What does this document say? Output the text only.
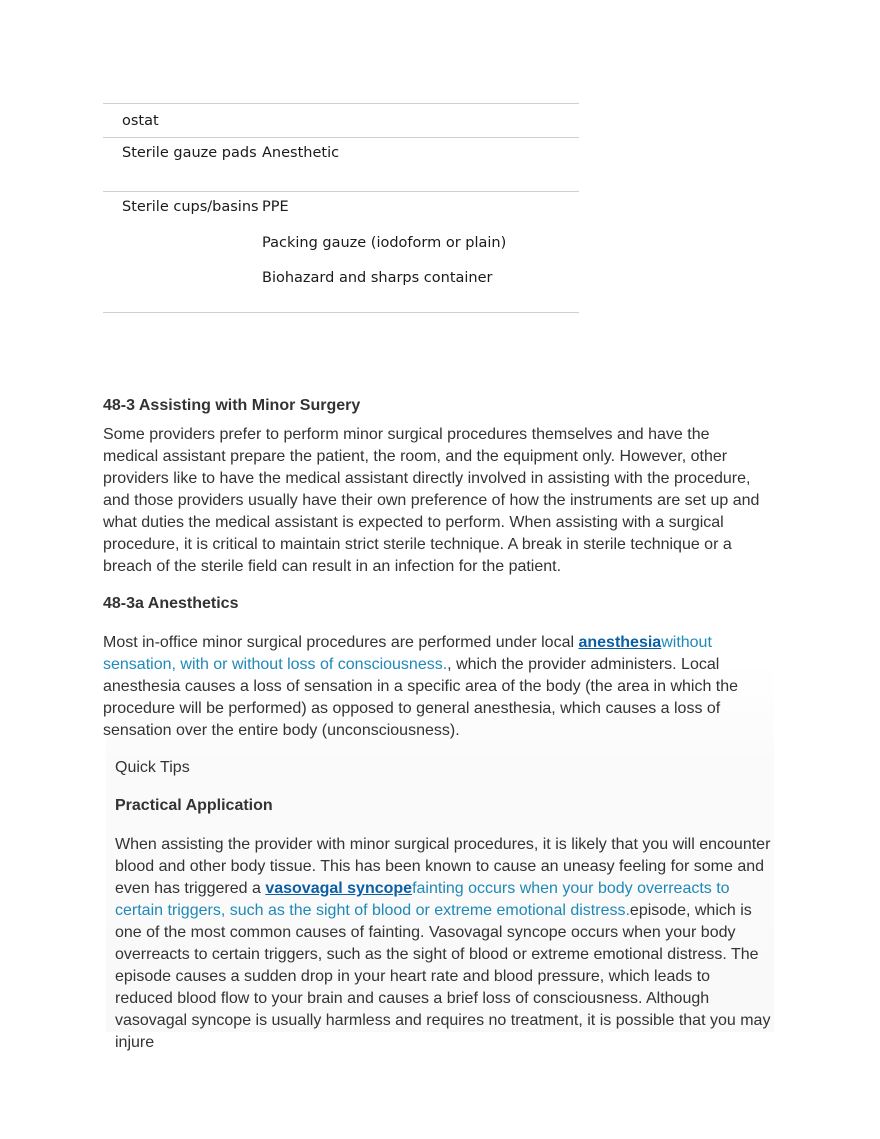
ostat
Sterile gauze pads Anesthetic
Sterile cups/basins PPE

Packing gauze (iodoform or plain)

Biohazard and sharps container

48-3 Assisting with Minor Surgery

Some providers prefer to perform minor surgical procedures themselves and have the medical assistant prepare the patient, the room, and the equipment only. However, other providers like to have the medical assistant directly involved in assisting with the procedure, and those providers usually have their own preference of how the instruments are set up and what duties the medical assistant is expected to perform. When assisting with a surgical procedure, it is critical to maintain strict sterile technique. A break in sterile technique or a breach of the sterile field can result in an infection for the patient.

48-3a Anesthetics

Most in-office minor surgical procedures are performed under local anesthesiawithout sensation, with or without loss of consciousness., which the provider administers. Local anesthesia causes a loss of sensation in a specific area of the body (the area in which the procedure will be performed) as opposed to general anesthesia, which causes a loss of sensation over the entire body (unconsciousness).

Quick Tips
Practical Application

When assisting the provider with minor surgical procedures, it is likely that you will encounter blood and other body tissue. This has been known to cause an uneasy feeling for some and even has triggered a vasovagal syncopefainting occurs when your body overreacts to certain triggers, such as the sight of blood or extreme emotional distress.episode, which is one of the most common causes of fainting. Vasovagal syncope occurs when your body overreacts to certain triggers, such as the sight of blood or extreme emotional distress. The episode causes a sudden drop in your heart rate and blood pressure, which leads to reduced blood flow to your brain and causes a brief loss of consciousness. Although vasovagal syncope is usually harmless and requires no treatment, it is possible that you may injure
